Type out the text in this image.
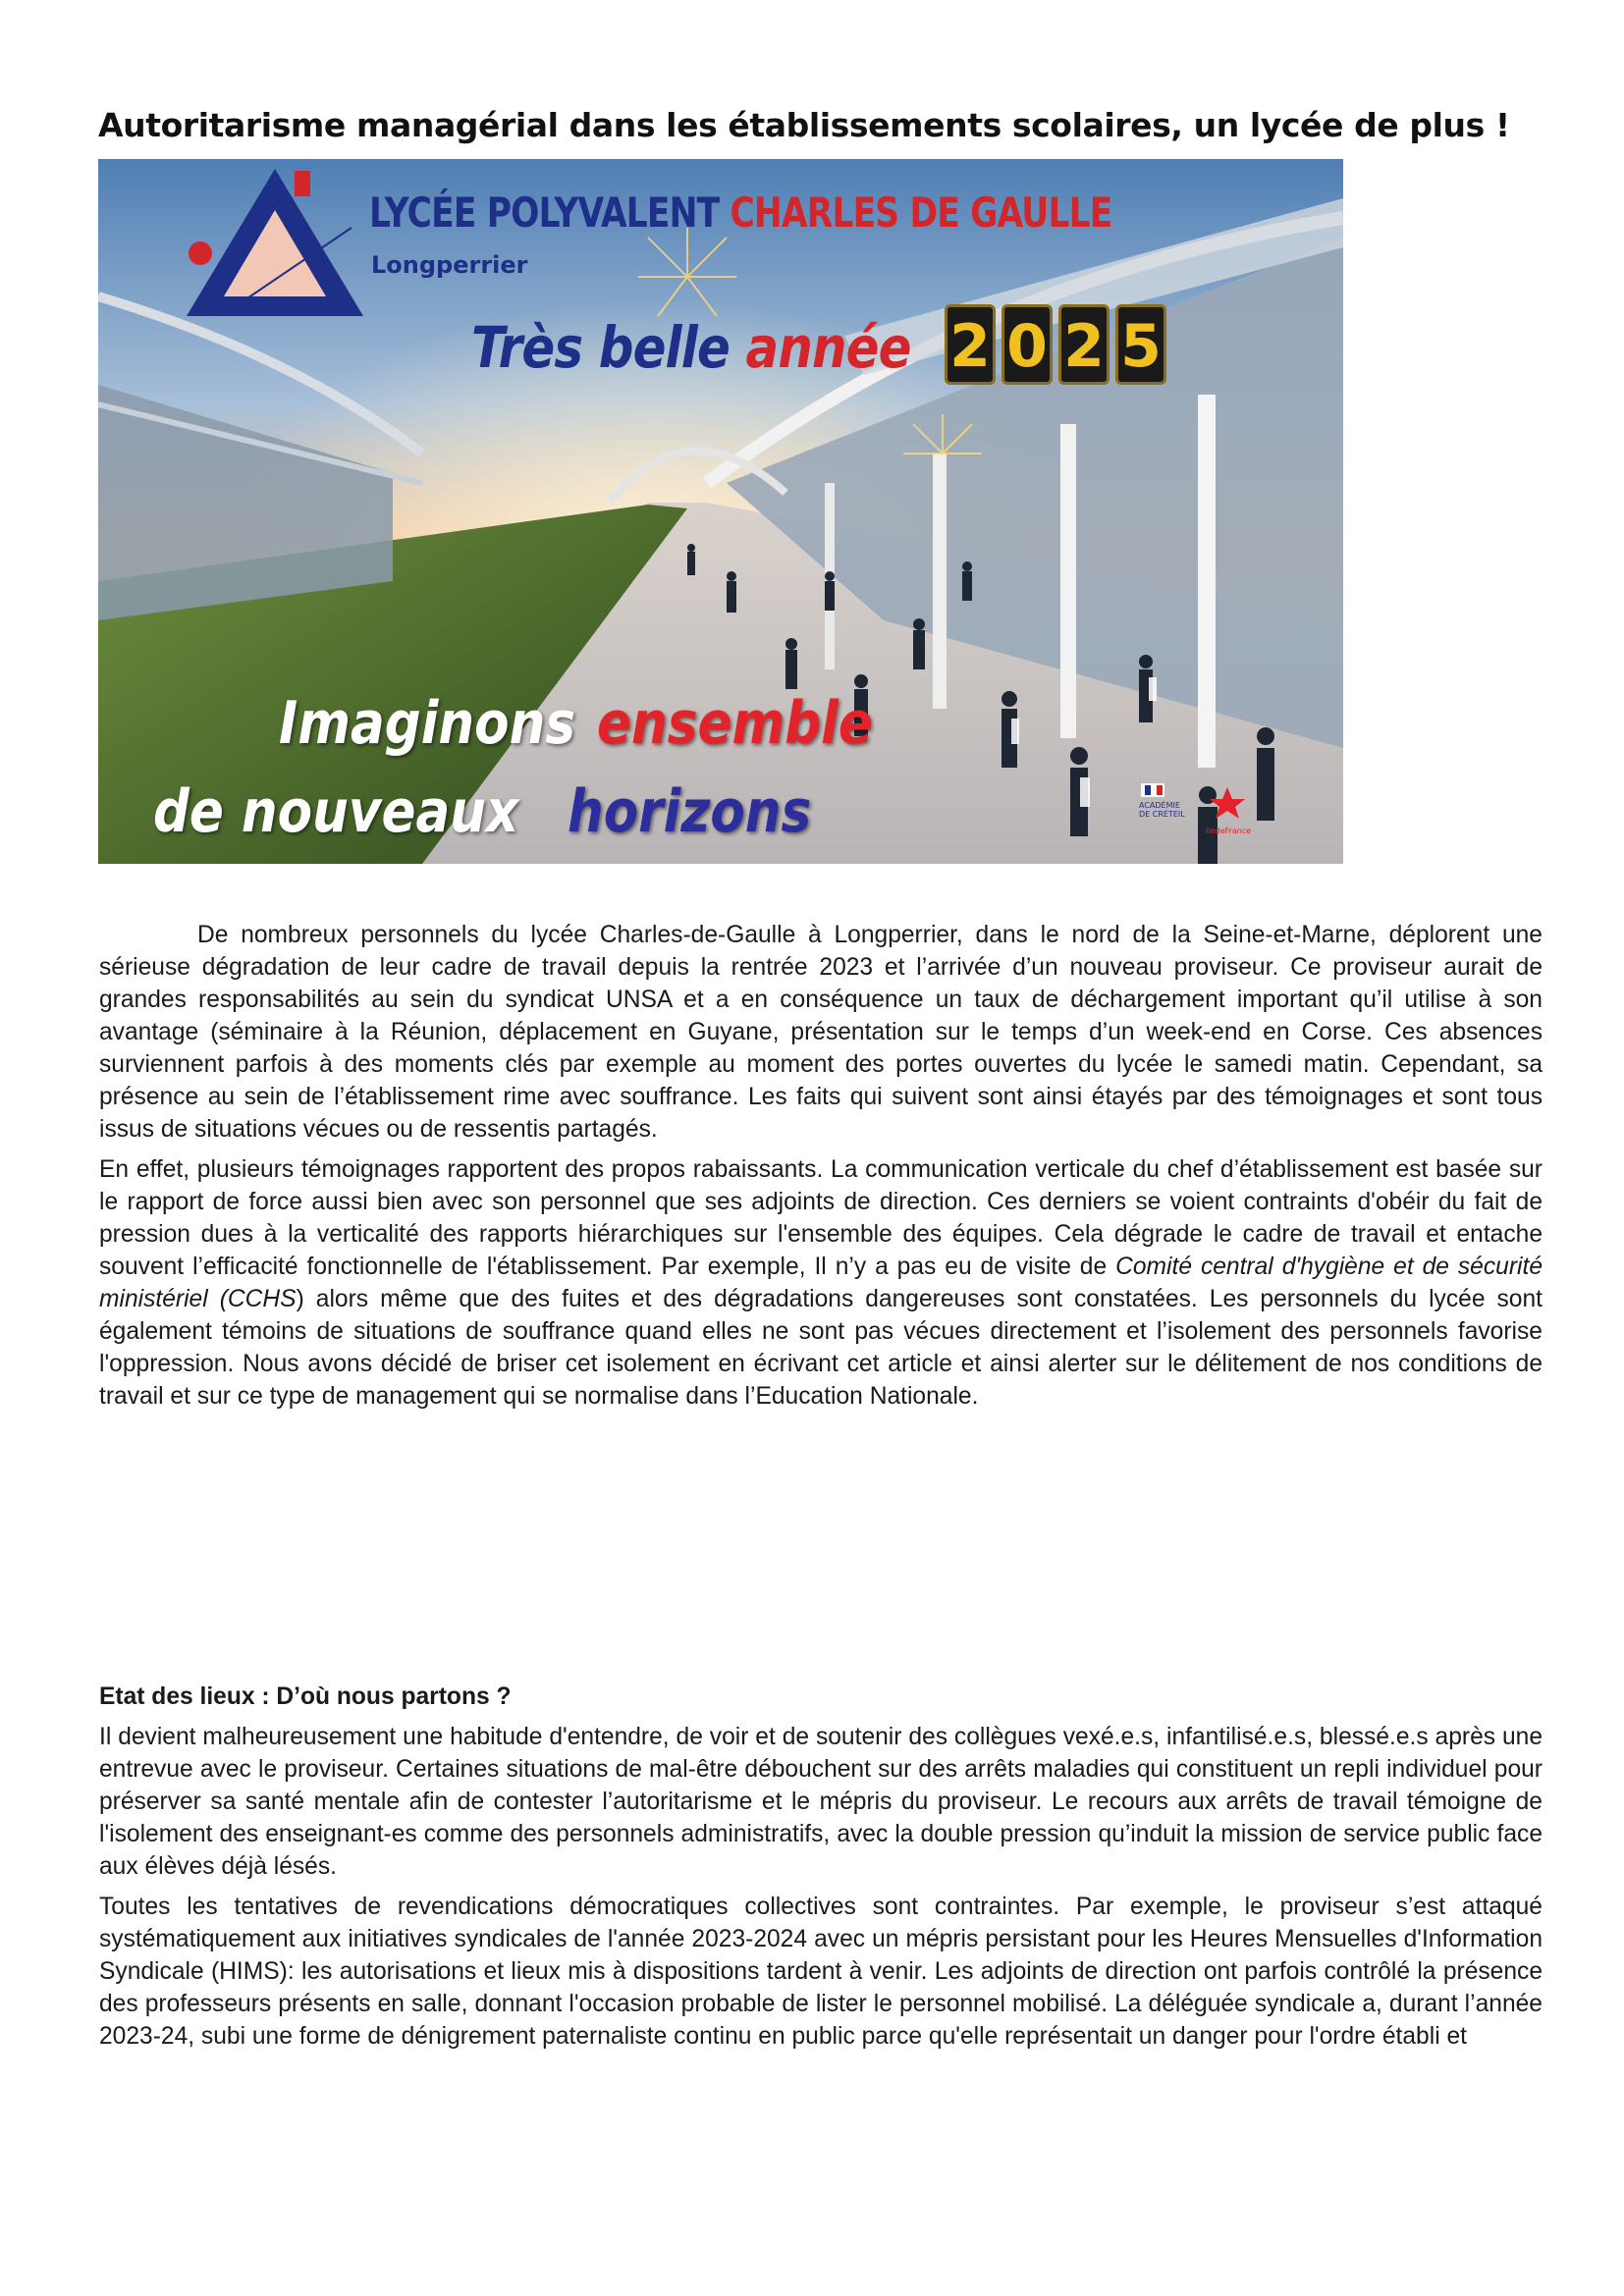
Autoritarisme managérial dans les établissements scolaires, un lycée de plus !
LYCÉE POLYVALENT CHARLES DE GAULLE
Longperrier
Très belle année 2 0 2 5
Imaginons ensemble
de nouveaux horizons	ACADÉMIE
DE CRÉTEIL
IledeFrance

De nombreux personnels du lycée Charles-de-Gaulle à Longperrier, dans le nord de la Seine-et-Marne, déplorent une sérieuse dégradation de leur cadre de travail depuis la rentrée 2023 et l’arrivée d’un nouveau proviseur. Ce proviseur aurait de grandes responsabilités au sein du syndicat UNSA et a en conséquence un taux de déchargement important qu’il utilise à son avantage (séminaire à la Réunion, déplacement en Guyane, présentation sur le temps d’un week-end en Corse. Ces absences surviennent parfois à des moments clés par exemple au moment des portes ouvertes du lycée le samedi matin. Cependant, sa présence au sein de l’établissement rime avec souffrance. Les faits qui suivent sont ainsi étayés par des témoignages et sont tous issus de situations vécues ou de ressentis partagés.

En effet, plusieurs témoignages rapportent des propos rabaissants. La communication verticale du chef d’établissement est basée sur le rapport de force aussi bien avec son personnel que ses adjoints de direction. Ces derniers se voient contraints d'obéir du fait de pression dues à la verticalité des rapports hiérarchiques sur l'ensemble des équipes. Cela dégrade le cadre de travail et entache souvent l’efficacité fonctionnelle de l'établissement. Par exemple, Il n’y a pas eu de visite de Comité central d'hygiène et de sécurité ministériel (CCHS) alors même que des fuites et des dégradations dangereuses sont constatées. Les personnels du lycée sont également témoins de situations de souffrance quand elles ne sont pas vécues directement et l’isolement des personnels favorise l'oppression. Nous avons décidé de briser cet isolement en écrivant cet article et ainsi alerter sur le délitement de nos conditions de travail et sur ce type de management qui se normalise dans l’Education Nationale.

Etat des lieux : D’où nous partons ?

Il devient malheureusement une habitude d'entendre, de voir et de soutenir des collègues vexé.e.s, infantilisé.e.s, blessé.e.s après une entrevue avec le proviseur. Certaines situations de mal-être débouchent sur des arrêts maladies qui constituent un repli individuel pour préserver sa santé mentale afin de contester l’autoritarisme et le mépris du proviseur. Le recours aux arrêts de travail témoigne de l'isolement des enseignant-es comme des personnels administratifs, avec la double pression qu’induit la mission de service public face aux élèves déjà lésés.

Toutes les tentatives de revendications démocratiques collectives sont contraintes. Par exemple, le proviseur s’est attaqué systématiquement aux initiatives syndicales de l'année 2023-2024 avec un mépris persistant pour les Heures Mensuelles d'Information Syndicale (HIMS): les autorisations et lieux mis à dispositions tardent à venir. Les adjoints de direction ont parfois contrôlé la présence des professeurs présents en salle, donnant l'occasion probable de lister le personnel mobilisé. La déléguée syndicale a, durant l’année 2023-24, subi une forme de dénigrement paternaliste continu en public parce qu'elle représentait un danger pour l'ordre établi et
